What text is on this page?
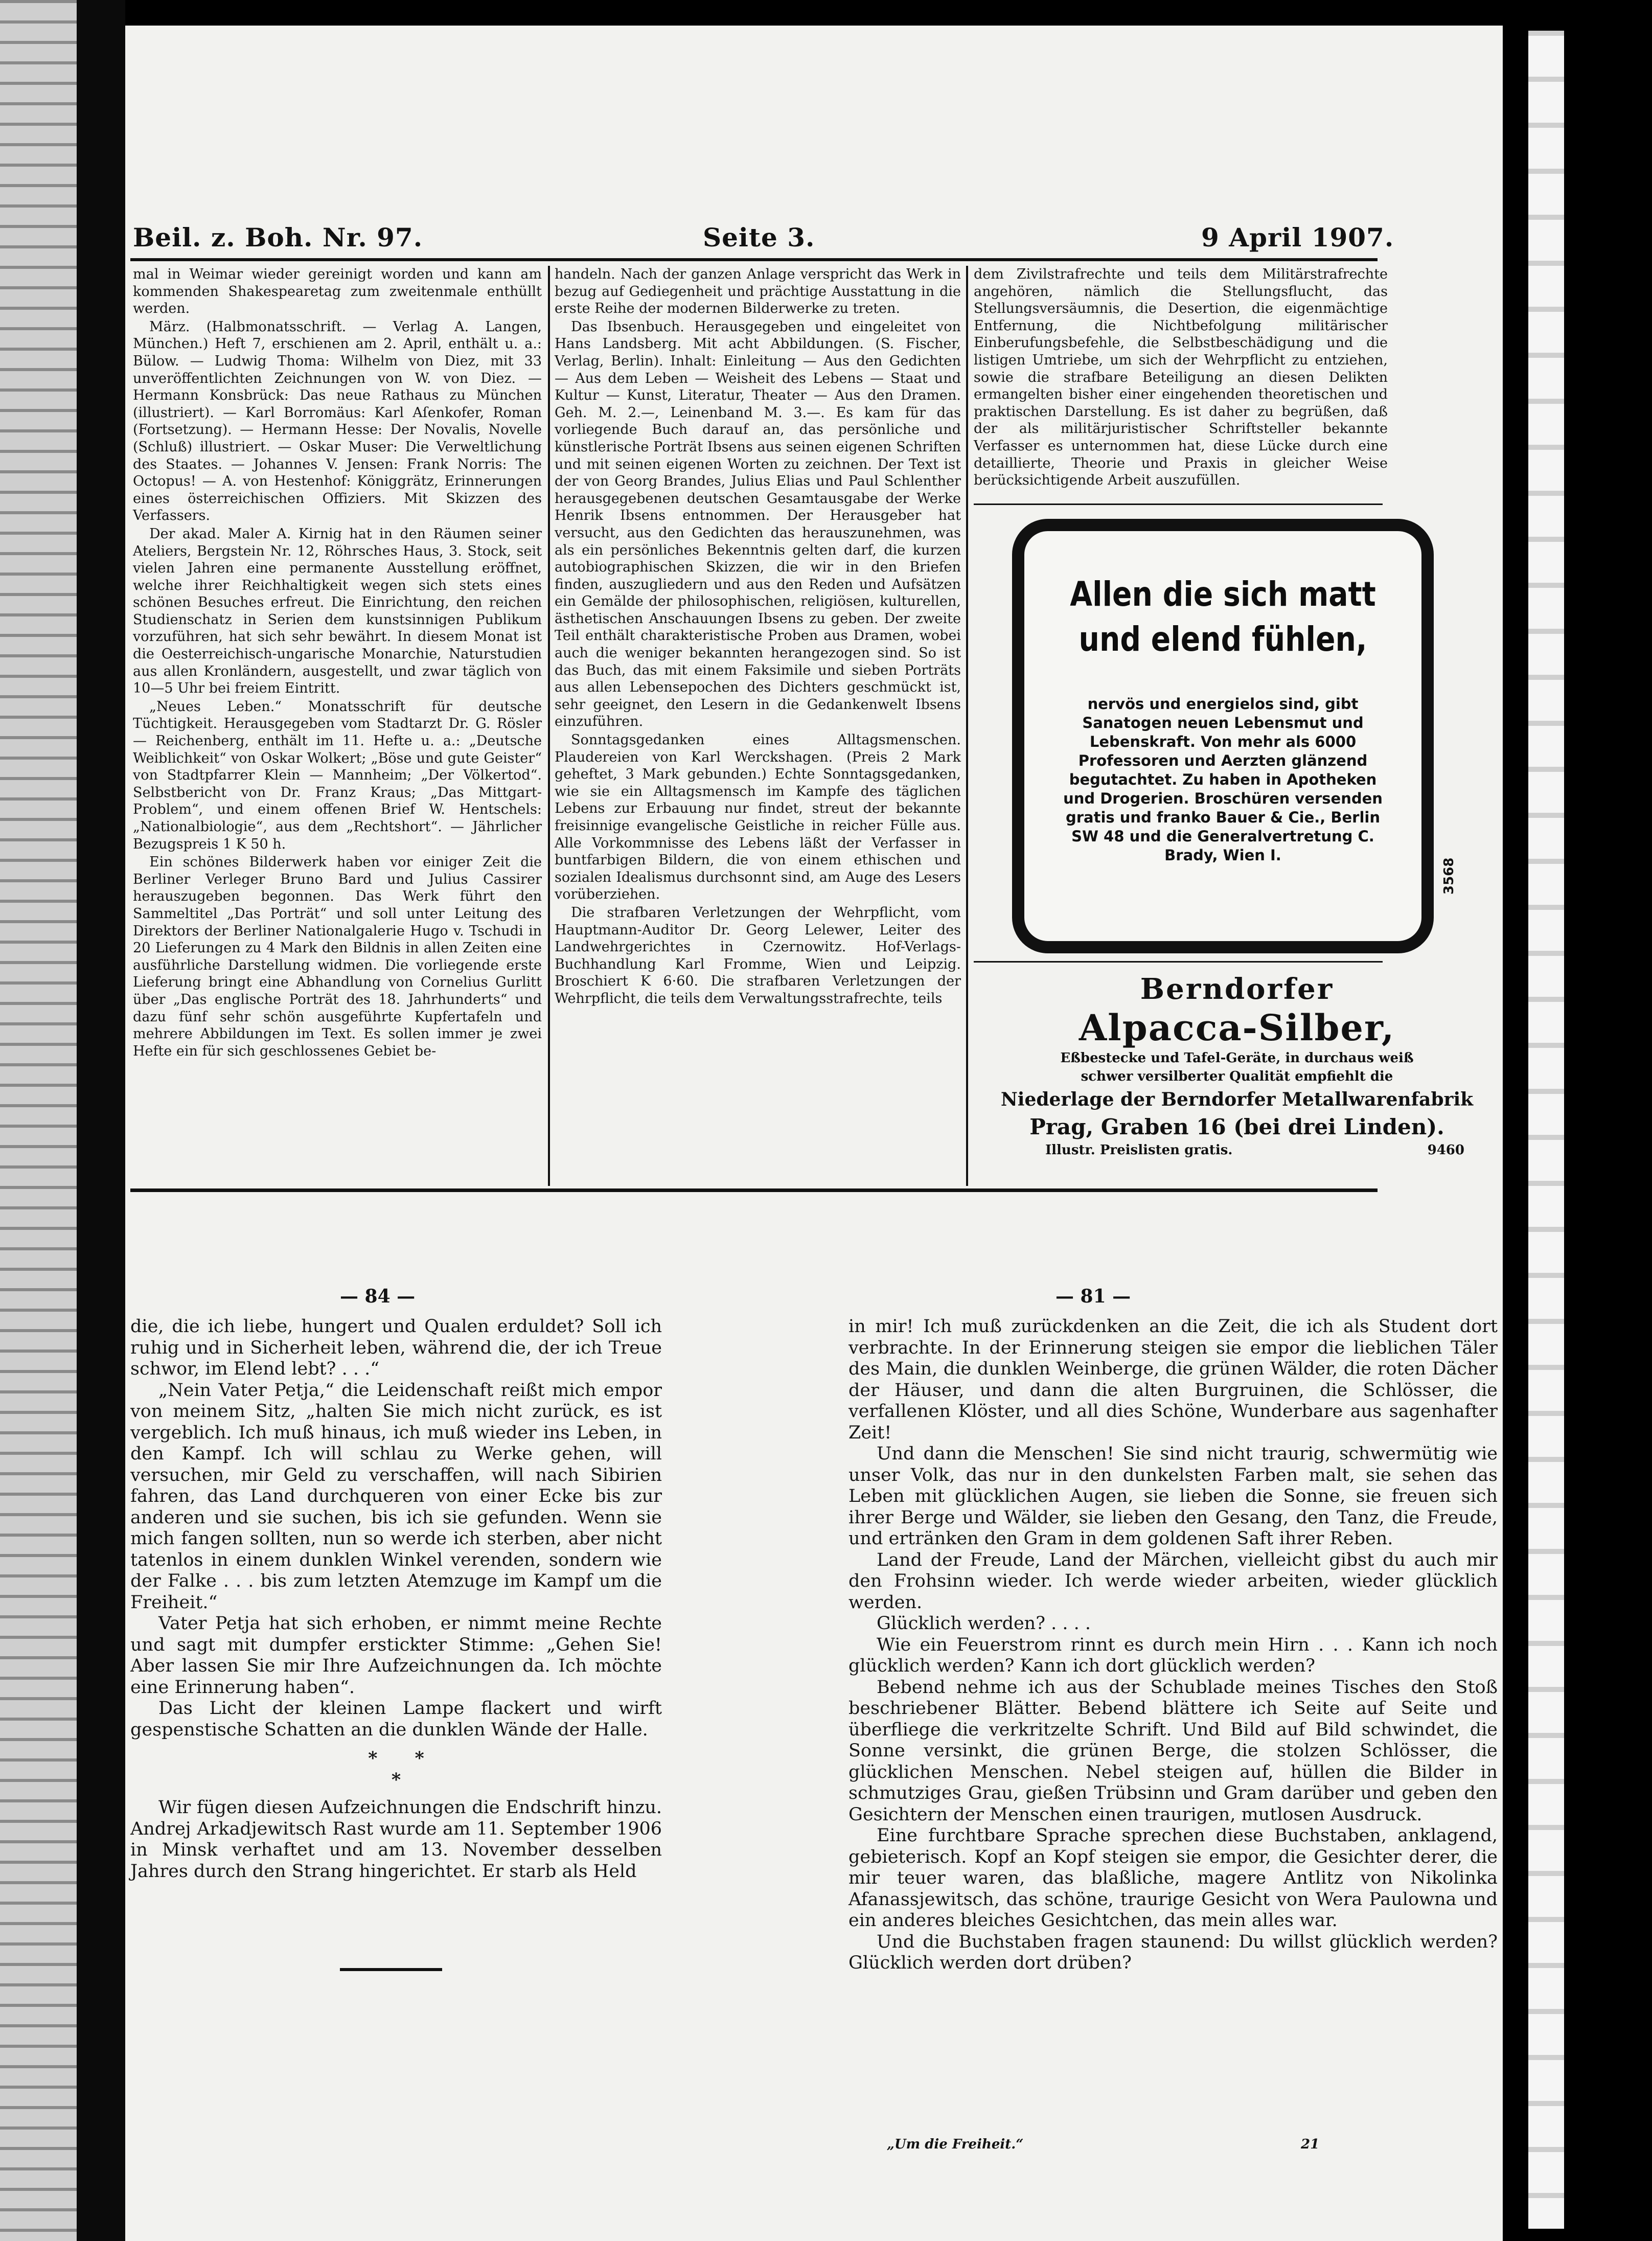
Beil. z. Boh. Nr. 97.	Seite 3.	9 April 1907.

mal in Weimar wieder gereinigt worden und kann am kommenden Shakespearetag zum zweitenmale enthüllt werden.

März. (Halbmonatsschrift. — Verlag A. Langen, München.) Heft 7, erschienen am 2. April, enthält u. a.: Bülow. — Ludwig Thoma: Wilhelm von Diez, mit 33 unveröffentlichten Zeichnungen von W. von Diez. — Hermann Konsbrück: Das neue Rathaus zu München (illustriert). — Karl Borromäus: Karl Aſenkofer, Roman (Fortsetzung). — Hermann Hesse: Der Novalis, Novelle (Schluß) illustriert. — Oskar Muser: Die Verweltlichung des Staates. — Johannes V. Jensen: Frank Norris: The Octopus! — A. von Hestenhof: Königgrätz, Erinnerungen eines österreichischen Offiziers. Mit Skizzen des Verfassers.

Der akad. Maler A. Kirnig hat in den Räumen seiner Ateliers, Bergstein Nr. 12, Röhrsches Haus, 3. Stock, seit vielen Jahren eine permanente Ausstellung eröffnet, welche ihrer Reichhaltigkeit wegen sich stets eines schönen Besuches erfreut. Die Einrichtung, den reichen Studienschatz in Serien dem kunstsinnigen Publikum vorzuführen, hat sich sehr bewährt. In diesem Monat ist die Oesterreichisch-ungarische Monarchie, Naturstudien aus allen Kronländern, ausgestellt, und zwar täglich von 10—5 Uhr bei freiem Eintritt.

„Neues Leben.“ Monatsschrift für deutsche Tüchtigkeit. Herausgegeben vom Stadtarzt Dr. G. Rösler — Reichenberg, enthält im 11. Hefte u. a.: „Deutsche Weiblichkeit“ von Oskar Wolkert; „Böse und gute Geister“ von Stadtpfarrer Klein — Mannheim; „Der Völkertod“. Selbstbericht von Dr. Franz Kraus; „Das Mittgart-Problem“, und einem offenen Brief W. Hentschels: „Nationalbiologie“, aus dem „Rechtshort“. — Jährlicher Bezugspreis 1 K 50 h.

Ein schönes Bilderwerk haben vor einiger Zeit die Berliner Verleger Bruno Bard und Julius Cassirer herauszugeben begonnen. Das Werk führt den Sammeltitel „Das Porträt“ und soll unter Leitung des Direktors der Berliner Nationalgalerie Hugo v. Tschudi in 20 Lieferungen zu 4 Mark den Bildnis in allen Zeiten eine ausführliche Darstellung widmen. Die vorliegende erste Lieferung bringt eine Abhandlung von Cornelius Gurlitt über „Das englische Porträt des 18. Jahrhunderts“ und dazu fünf sehr schön ausgeführte Kupfertafeln und mehrere Abbildungen im Text. Es sollen immer je zwei Hefte ein für sich geschlossenes Gebiet be-

handeln. Nach der ganzen Anlage verspricht das Werk in bezug auf Gediegenheit und prächtige Ausstattung in die erste Reihe der modernen Bilderwerke zu treten.

Das Ibsenbuch. Herausgegeben und eingeleitet von Hans Landsberg. Mit acht Abbildungen. (S. Fischer, Verlag, Berlin). Inhalt: Einleitung — Aus den Gedichten — Aus dem Leben — Weisheit des Lebens — Staat und Kultur — Kunst, Literatur, Theater — Aus den Dramen. Geh. M. 2.—, Leinenband M. 3.—. Es kam für das vorliegende Buch darauf an, das persönliche und künstlerische Porträt Ibsens aus seinen eigenen Schriften und mit seinen eigenen Worten zu zeichnen. Der Text ist der von Georg Brandes, Julius Elias und Paul Schlenther herausgegebenen deutschen Gesamtausgabe der Werke Henrik Ibsens entnommen. Der Herausgeber hat versucht, aus den Gedichten das herauszunehmen, was als ein persönliches Bekenntnis gelten darf, die kurzen autobiographischen Skizzen, die wir in den Briefen finden, auszugliedern und aus den Reden und Aufsätzen ein Gemälde der philosophischen, religiösen, kulturellen, ästhetischen Anschauungen Ibsens zu geben. Der zweite Teil enthält charakteristische Proben aus Dramen, wobei auch die weniger bekannten herangezogen sind. So ist das Buch, das mit einem Faksimile und sieben Porträts aus allen Lebensepochen des Dichters geschmückt ist, sehr geeignet, den Lesern in die Gedankenwelt Ibsens einzuführen.

Sonntagsgedanken eines Alltagsmenschen. Plaudereien von Karl Werckshagen. (Preis 2 Mark geheftet, 3 Mark gebunden.) Echte Sonntagsgedanken, wie sie ein Alltagsmensch im Kampfe des täglichen Lebens zur Erbauung nur findet, streut der bekannte freisinnige evangelische Geistliche in reicher Fülle aus. Alle Vorkommnisse des Lebens läßt der Verfasser in buntfarbigen Bildern, die von einem ethischen und sozialen Idealismus durchsonnt sind, am Auge des Lesers vorüberziehen.

Die strafbaren Verletzungen der Wehrpflicht, vom Hauptmann-Auditor Dr. Georg Lelewer, Leiter des Landwehrgerichtes in Czernowitz. Hof-Verlags-Buchhandlung Karl Fromme, Wien und Leipzig. Broschiert K 6·60. Die strafbaren Verletzungen der Wehrpflicht, die teils dem Verwaltungsstrafrechte, teils

dem Zivilstrafrechte und teils dem Militärstrafrechte angehören, nämlich die Stellungsflucht, das Stellungsversäumnis, die Desertion, die eigenmächtige Entfernung, die Nichtbefolgung militärischer Einberufungsbefehle, die Selbstbeschädigung und die listigen Umtriebe, um sich der Wehrpflicht zu entziehen, sowie die strafbare Beteiligung an diesen Delikten ermangelten bisher einer eingehenden theoretischen und praktischen Darstellung. Es ist daher zu begrüßen, daß der als militärjuristischer Schriftsteller bekannte Verfasser es unternommen hat, diese Lücke durch eine detaillierte, Theorie und Praxis in gleicher Weise berücksichtigende Arbeit auszufüllen.

Allen die sich matt
und elend fühlen,
nervös und energielos sind, gibt Sanatogen neuen Lebensmut und Lebenskraft. Von mehr als 6000 Professoren und Aerzten glänzend begutachtet. Zu haben in Apotheken und Drogerien. Broschüren versenden gratis und franko Bauer & Cie., Berlin SW 48 und die Generalvertretung C. Brady, Wien I.
3568
Berndorfer
Alpacca-Silber,
Eßbestecke und Tafel-Geräte, in durchaus weiß
schwer versilberter Qualität empfiehlt die
Niederlage der Berndorfer Metallwarenfabrik
Prag, Graben 16 (bei drei Linden).
Illustr. Preislisten gratis.	9460
— 84 —

die, die ich liebe, hungert und Qualen erduldet? Soll ich ruhig und in Sicherheit leben, während die, der ich Treue schwor, im Elend lebt? . . .“

„Nein Vater Petja,“ die Leidenschaft reißt mich empor von meinem Sitz, „halten Sie mich nicht zurück, es ist vergeblich. Ich muß hinaus, ich muß wieder ins Leben, in den Kampf. Ich will schlau zu Werke gehen, will versuchen, mir Geld zu verschaffen, will nach Sibirien fahren, das Land durchqueren von einer Ecke bis zur anderen und sie suchen, bis ich sie gefunden. Wenn sie mich fangen sollten, nun so werde ich sterben, aber nicht tatenlos in einem dunklen Winkel verenden, sondern wie der Falke . . . bis zum letzten Atemzuge im Kampf um die Freiheit.“

Vater Petja hat sich erhoben, er nimmt meine Rechte und sagt mit dumpfer erstickter Stimme: „Gehen Sie! Aber lassen Sie mir Ihre Aufzeichnungen da. Ich möchte eine Erinnerung haben“.

Das Licht der kleinen Lampe flackert und wirft gespenstische Schatten an die dunklen Wände der Halle.

*      *
*

Wir fügen diesen Aufzeichnungen die Endschrift hinzu. Andrej Arkadjewitsch Rast wurde am 11. September 1906 in Minsk verhaftet und am 13. November desselben Jahres durch den Strang hingerichtet. Er starb als Held

— 81 —

in mir! Ich muß zurückdenken an die Zeit, die ich als Student dort verbrachte. In der Erinnerung steigen sie empor die lieblichen Täler des Main, die dunklen Weinberge, die grünen Wälder, die roten Dächer der Häuser, und dann die alten Burgruinen, die Schlösser, die verfallenen Klöster, und all dies Schöne, Wunderbare aus sagenhafter Zeit!

Und dann die Menschen! Sie sind nicht traurig, schwermütig wie unser Volk, das nur in den dunkelsten Farben malt, sie sehen das Leben mit glücklichen Augen, sie lieben die Sonne, sie freuen sich ihrer Berge und Wälder, sie lieben den Gesang, den Tanz, die Freude, und ertränken den Gram in dem goldenen Saft ihrer Reben.

Land der Freude, Land der Märchen, vielleicht gibst du auch mir den Frohsinn wieder. Ich werde wieder arbeiten, wieder glücklich werden.

Glücklich werden? . . . .

Wie ein Feuerstrom rinnt es durch mein Hirn . . . Kann ich noch glücklich werden? Kann ich dort glücklich werden?

Bebend nehme ich aus der Schublade meines Tisches den Stoß beschriebener Blätter. Bebend blättere ich Seite auf Seite und überfliege die verkritzelte Schrift. Und Bild auf Bild schwindet, die Sonne versinkt, die grünen Berge, die stolzen Schlösser, die glücklichen Menschen. Nebel steigen auf, hüllen die Bilder in schmutziges Grau, gießen Trübsinn und Gram darüber und geben den Gesichtern der Menschen einen traurigen, mutlosen Ausdruck.

Eine furchtbare Sprache sprechen diese Buchstaben, anklagend, gebieterisch. Kopf an Kopf steigen sie empor, die Gesichter derer, die mir teuer waren, das blaßliche, magere Antlitz von Nikolinka Afanassjewitsch, das schöne, traurige Gesicht von Wera Paulowna und ein anderes bleiches Gesichtchen, das mein alles war.

Und die Buchstaben fragen staunend: Du willst glücklich werden? Glücklich werden dort drüben?

„Um die Freiheit.“	21
